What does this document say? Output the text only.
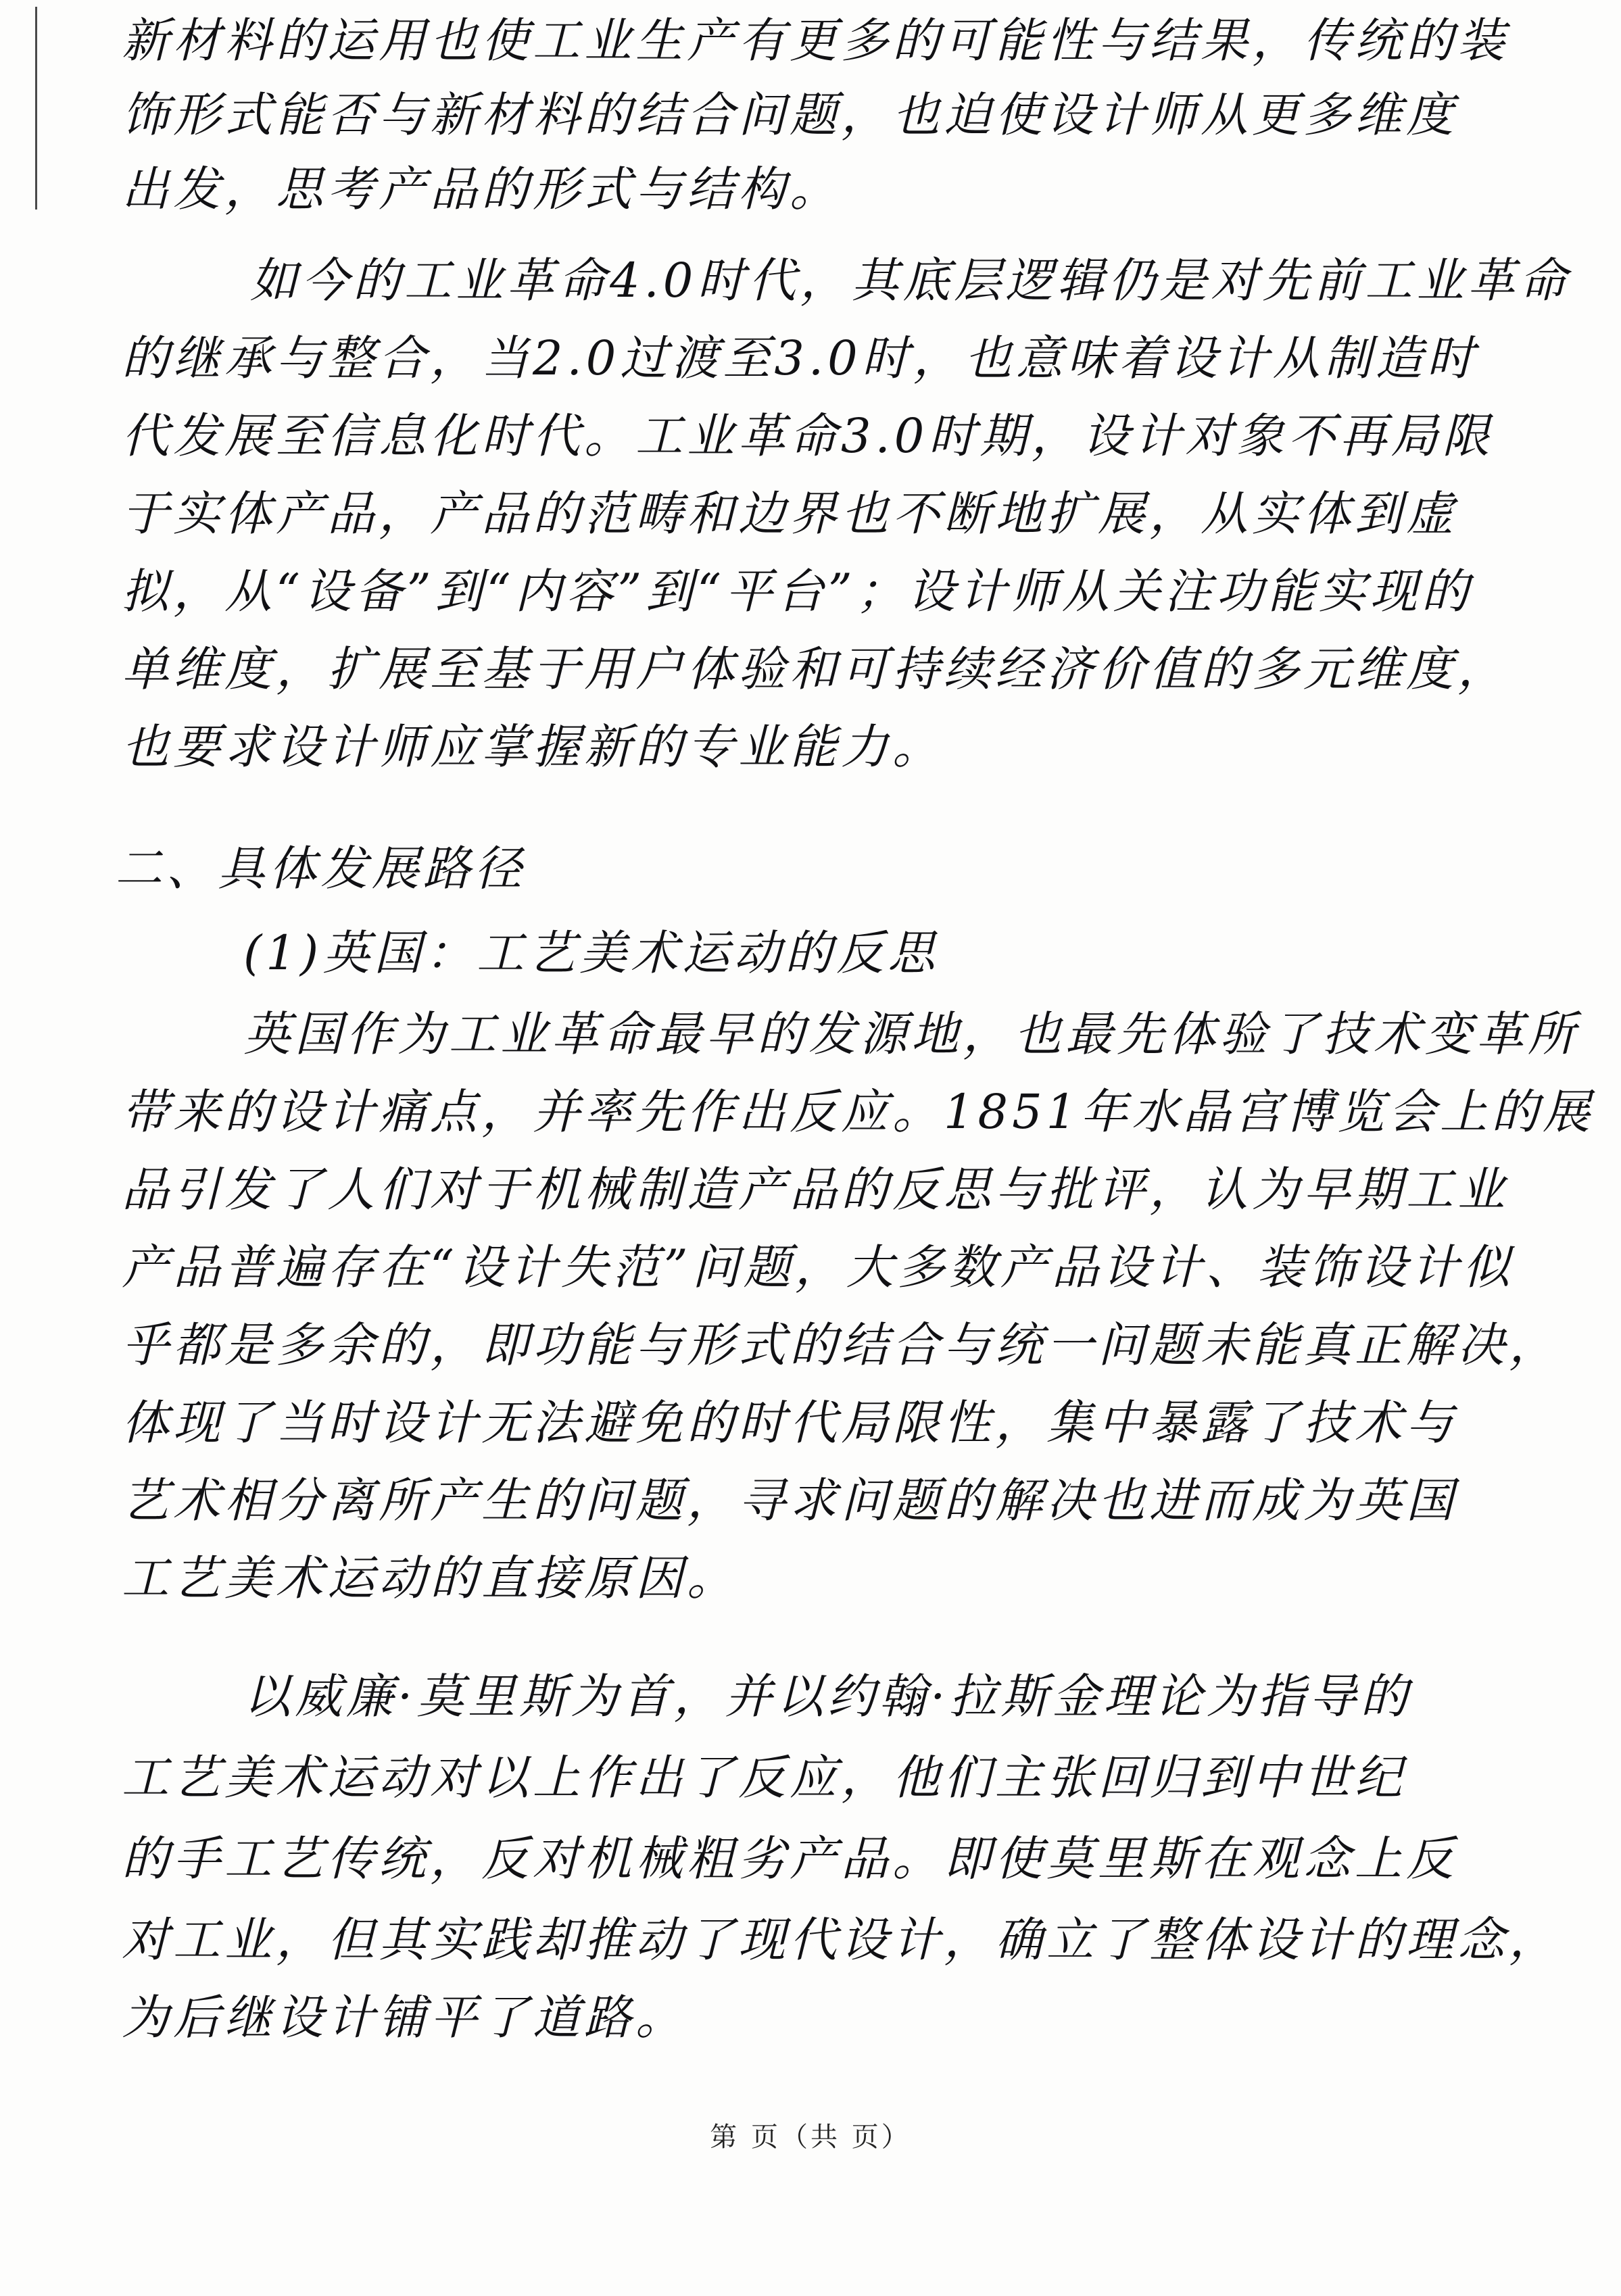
新材料的运用也使工业生产有更多的可能性与结果，传统的装
饰形式能否与新材料的结合问题，也迫使设计师从更多维度
出发，思考产品的形式与结构。
如今的工业革命4.0时代，其底层逻辑仍是对先前工业革命
的继承与整合，当2.0过渡至3.0时，也意味着设计从制造时
代发展至信息化时代。工业革命3.0时期，设计对象不再局限
于实体产品，产品的范畴和边界也不断地扩展，从实体到虚
拟，从“设备”到“内容”到“平台”；设计师从关注功能实现的
单维度，扩展至基于用户体验和可持续经济价值的多元维度，
也要求设计师应掌握新的专业能力。
二、具体发展路径
(1)英国：工艺美术运动的反思
英国作为工业革命最早的发源地，也最先体验了技术变革所
带来的设计痛点，并率先作出反应。1851年水晶宫博览会上的展
品引发了人们对于机械制造产品的反思与批评，认为早期工业
产品普遍存在“设计失范”问题，大多数产品设计、装饰设计似
乎都是多余的，即功能与形式的结合与统一问题未能真正解决，
体现了当时设计无法避免的时代局限性，集中暴露了技术与
艺术相分离所产生的问题，寻求问题的解决也进而成为英国
工艺美术运动的直接原因。
以威廉·莫里斯为首，并以约翰·拉斯金理论为指导的
工艺美术运动对以上作出了反应，他们主张回归到中世纪
的手工艺传统，反对机械粗劣产品。即使莫里斯在观念上反
对工业，但其实践却推动了现代设计，确立了整体设计的理念，
为后继设计铺平了道路。
第 页（共 页）
